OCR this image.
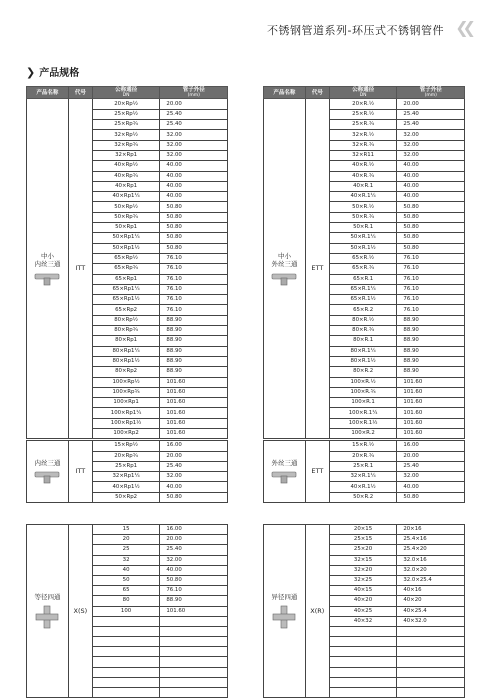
不锈钢管道系列-环压式不锈钢管件 ❮❮
❯ 产品规格
产品名称	代号	公称通径
DN	管子外径
(mm)

中小
内丝三通	ITT	20×Rp½	20.00
		25×Rp½	25.40
		25×Rp¾	25.40
		32×Rp½	32.00
		32×Rp¾	32.00
		32×Rp1	32.00
		40×Rp½	40.00
		40×Rp¾	40.00
		40×Rp1	40.00
		40×Rp1¼	40.00
		50×Rp½	50.80
		50×Rp¾	50.80
		50×Rp1	50.80
		50×Rp1¼	50.80
		50×Rp1½	50.80
		65×Rp½	76.10
		65×Rp¾	76.10
		65×Rp1	76.10
		65×Rp1¼	76.10
		65×Rp1½	76.10
		65×Rp2	76.10
		80×Rp½	88.90
		80×Rp¾	88.90
		80×Rp1	88.90
		80×Rp1¼	88.90
		80×Rp1½	88.90
		80×Rp2	88.90
		100×Rp½	101.60
		100×Rp¾	101.60
		100×Rp1	101.60
		100×Rp1¼	101.60
		100×Rp1½	101.60
		100×Rp2	101.60

内丝三通	ITT	15×Rp½	16.00
		20×Rp¾	20.00
		25×Rp1	25.40
		32×Rp1¼	32.00
		40×Rp1½	40.00
		50×Rp2	50.80
产品名称	代号	公称通径
DN	管子外径
(mm)

中小
外丝三通	ETT	20×R.½	20.00
		25×R.½	25.40
		25×R.¾	25.40
		32×R.½	32.00
		32×R.¾	32.00
		32×R11	32.00
		40×R.½	40.00
		40×R.¾	40.00
		40×R.1	40.00
		40×R.1¼	40.00
		50×R.½	50.80
		50×R.¾	50.80
		50×R.1	50.80
		50×R.1¼	50.80
		50×R.1½	50.80
		65×R.½	76.10
		65×R.¾	76.10
		65×R.1	76.10
		65×R.1¼	76.10
		65×R.1½	76.10
		65×R.2	76.10
		80×R.½	88.90
		80×R.¾	88.90
		80×R.1	88.90
		80×R.1¼	88.90
		80×R.1½	88.90
		80×R.2	88.90
		100×R.½	101.60
		100×R.¾	101.60
		100×R.1	101.60
		100×R.1¼	101.60
		100×R.1½	101.60
		100×R.2	101.60

外丝三通	ETT	15×R.½	16.00
		20×R.¾	20.00
		25×R.1	25.40
		32×R.1¼	32.00
		40×R.1½	40.00
		50×R.2	50.80
等径四通	X(S)	15	16.00
		20	20.00
		25	25.40
		32	32.00
		40	40.00
		50	50.80
		65	76.10
		80	88.90
		100	101.60

异径四通	X(R)	20×15	20×16
		25×15	25.4×16
		25×20	25.4×20
		32×15	32.0×16
		32×20	32.0×20
		32×25	32.0×25.4
		40×15	40×16
		40×20	40×20
		40×25	40×25.4
		40×32	40×32.0
